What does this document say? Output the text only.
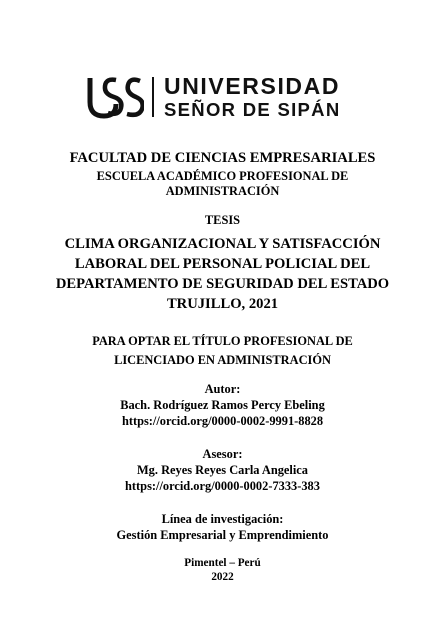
UNIVERSIDAD
SEÑOR DE SIPÁN
FACULTAD DE CIENCIAS EMPRESARIALES
ESCUELA ACADÉMICO PROFESIONAL DE
ADMINISTRACIÓN
TESIS
CLIMA ORGANIZACIONAL Y SATISFACCIÓN
LABORAL DEL PERSONAL POLICIAL DEL
DEPARTAMENTO DE SEGURIDAD DEL ESTADO
TRUJILLO, 2021
PARA OPTAR EL TÍTULO PROFESIONAL DE
LICENCIADO EN ADMINISTRACIÓN
Autor:
Bach. Rodríguez Ramos Percy Ebeling
https://orcid.org/0000-0002-9991-8828
Asesor:
Mg. Reyes Reyes Carla Angelica
https://orcid.org/0000-0002-7333-383
Línea de investigación:
Gestión Empresarial y Emprendimiento
Pimentel – Perú
2022
